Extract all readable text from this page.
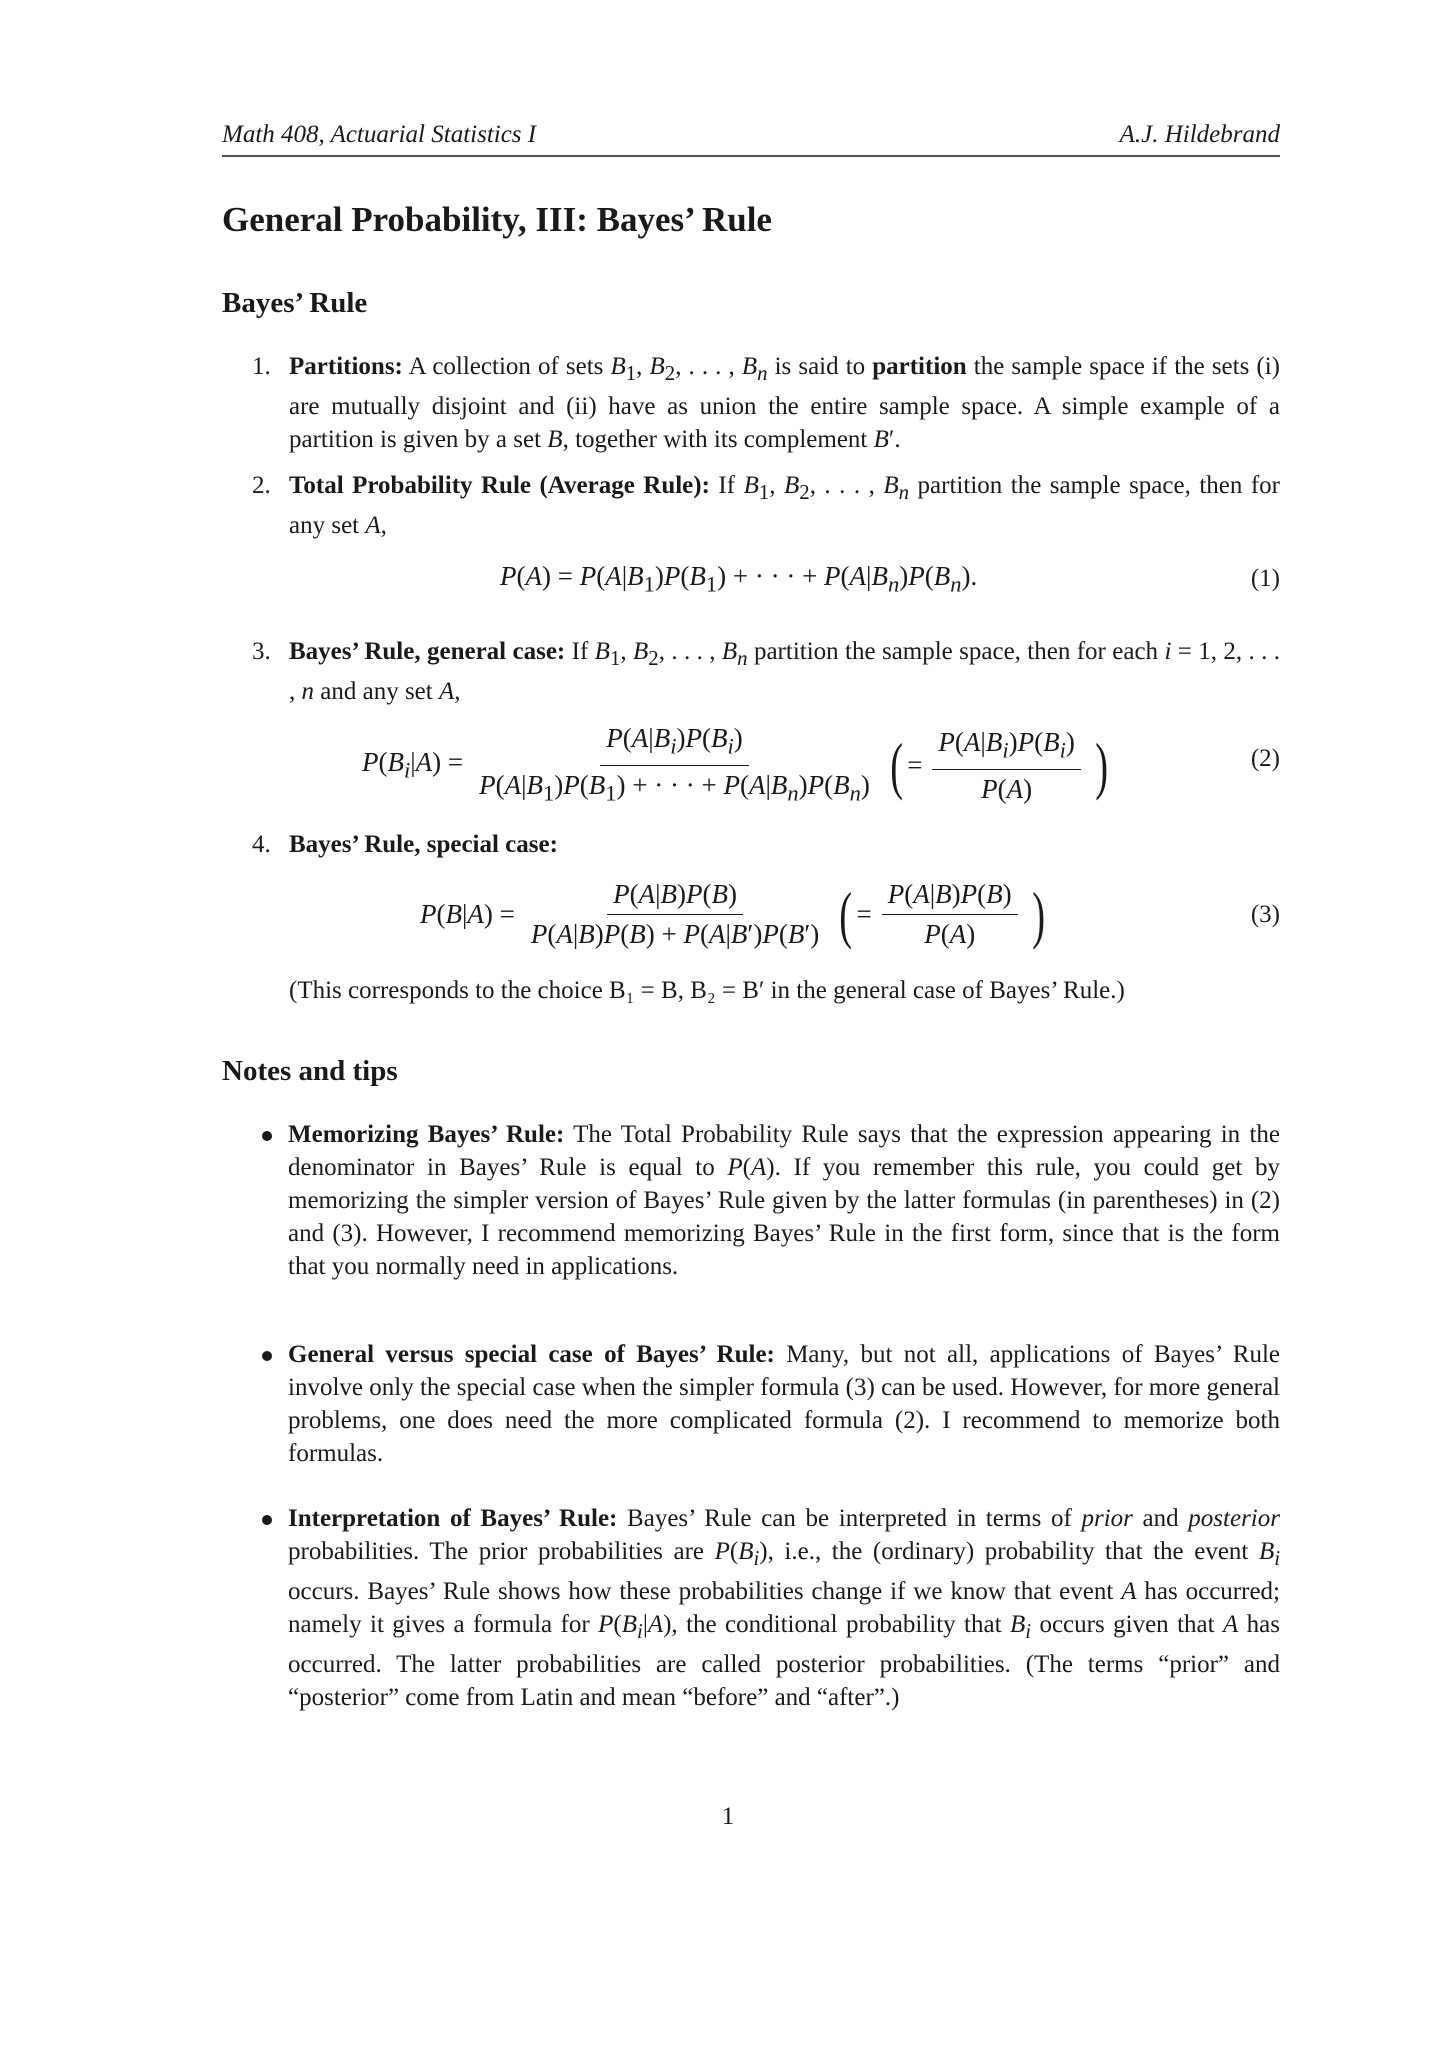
Math 408, Actuarial Statistics I	A.J. Hildebrand
General Probability, III: Bayes’ Rule
Bayes’ Rule
1. Partitions: A collection of sets $B_1$, $B_2$, . . . , $B_n$ is said to partition the sample space if the sets (i) are mutually disjoint and (ii) have as union the entire sample space. A simple example of a partition is given by a set B, together with its complement B′.
2. Total Probability Rule (Average Rule): If $B_1$, $B_2$, . . . , $B_n$ partition the sample space, then for any set A,
$P(A) = P(A|B_1)P(B_1)$ + · · · + $P(A|B_n)P(B_n)$.	(1)
3. Bayes’ Rule, general case: If $B_1$, $B_2$, . . . , $B_n$ partition the sample space, then for each i = 1, 2, . . . , n and any set A,
$P(B_i|A) = \frac{P(A|B_i)P(B_i)}{P(A|B_1)P(B_1) + \cdot \cdot \cdot + P(A|B_n)P(B_n)}$ ( = $\frac{P(A|B_i)P(B_i)}{P(A)}$ )	(2)
4. Bayes’ Rule, special case:
$P(B|A) = \frac{P(A|B)P(B)}{P(A|B)P(B) + P(A|B')P(B')}$ ( = $\frac{P(A|B)P(B)}{P(A)}$ )	(3)
(This corresponds to the choice B₁ = B, B₂ = B′ in the general case of Bayes’ Rule.)
Notes and tips
Memorizing Bayes’ Rule: The Total Probability Rule says that the expression appearing in the denominator in Bayes’ Rule is equal to P(A). If you remember this rule, you could get by memorizing the simpler version of Bayes’ Rule given by the latter formulas (in parentheses) in (2) and (3). However, I recommend memorizing Bayes’ Rule in the first form, since that is the form that you normally need in applications.
General versus special case of Bayes’ Rule: Many, but not all, applications of Bayes’ Rule involve only the special case when the simpler formula (3) can be used. However, for more general problems, one does need the more complicated formula (2). I recommend to memorize both formulas.
Interpretation of Bayes’ Rule: Bayes’ Rule can be interpreted in terms of prior and posterior probabilities. The prior probabilities are $P(B_i)$, i.e., the (ordinary) probability that the event $B_i$ occurs. Bayes’ Rule shows how these probabilities change if we know that event A has occurred; namely it gives a formula for $P(B_i|A)$, the conditional probability that $B_i$ occurs given that A has occurred. The latter probabilities are called posterior probabilities. (The terms “prior” and “posterior” come from Latin and mean “before” and “after”.)
1
